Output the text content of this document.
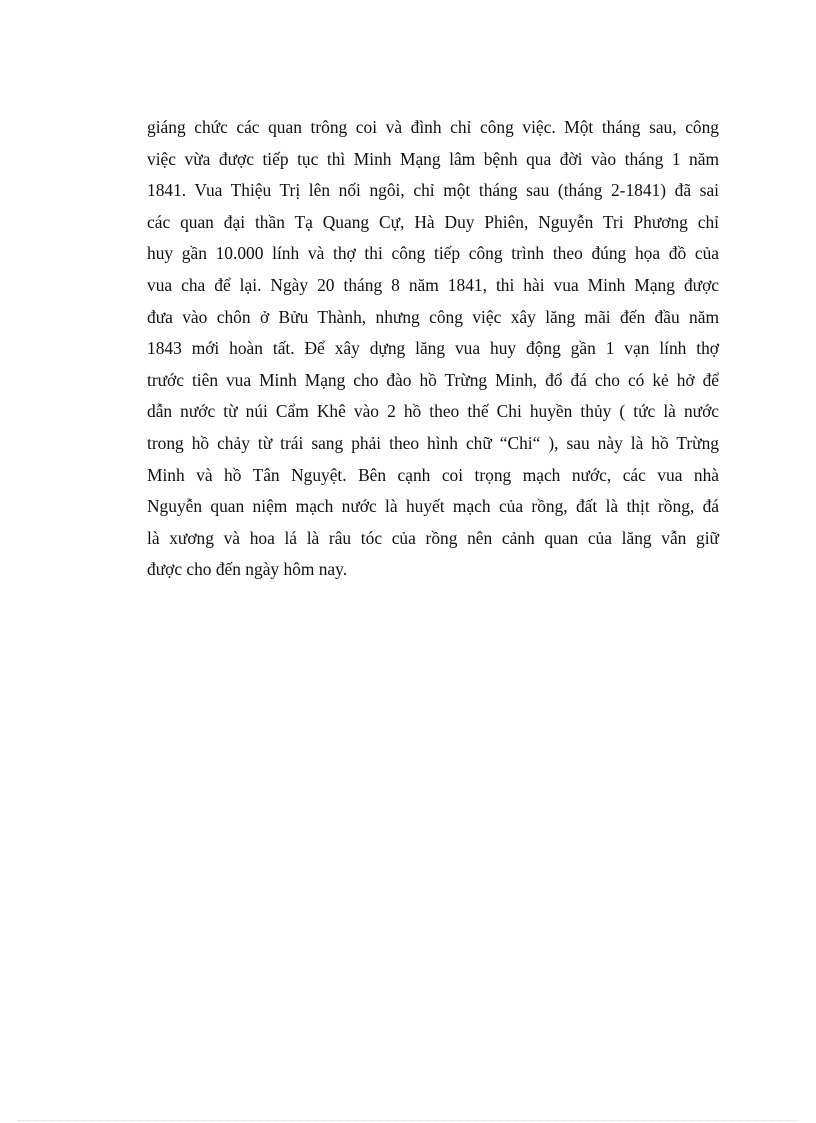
giáng chức các quan trông coi và đình chỉ công việc. Một tháng sau, công
việc vừa được tiếp tục thì Minh Mạng lâm bệnh qua đời vào tháng 1 năm
1841. Vua Thiệu Trị lên nối ngôi, chỉ một tháng sau (tháng 2-1841) đã sai
các quan đại thần Tạ Quang Cự, Hà Duy Phiên, Nguyễn Tri Phương chỉ
huy gần 10.000 lính và thợ thi công tiếp công trình theo đúng họa đồ của
vua cha để lại. Ngày 20 tháng 8 năm 1841, thi hài vua Minh Mạng được
đưa vào chôn ở Bửu Thành, nhưng công việc xây lăng mãi đến đầu năm
1843 mới hoàn tất. Để xây dựng lăng vua huy động gần 1 vạn lính thợ
trước tiên vua Minh Mạng cho đào hồ Trừng Minh, đổ đá cho có kẻ hở để
dẫn nước từ núi Cẩm Khê vào 2 hồ theo thế Chi huyền thủy ( tức là nước
trong hồ chảy từ trái sang phải theo hình chữ “Chi“ ), sau này là hồ Trừng
Minh và hồ Tân Nguyệt. Bên cạnh coi trọng mạch nước, các vua nhà
Nguyễn quan niệm mạch nước là huyết mạch của rồng, đất là thịt rồng, đá
là xương và hoa lá là râu tóc của rồng nên cảnh quan của lăng vẫn giữ
được cho đến ngày hôm nay.
